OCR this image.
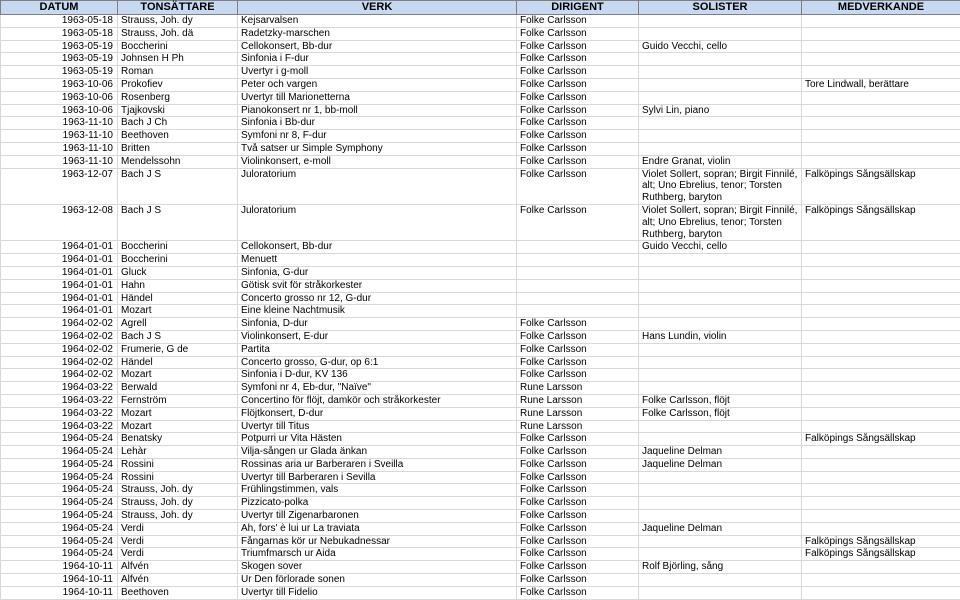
DATUM	TONSÄTTARE	VERK	DIRIGENT	SOLISTER	MEDVERKANDE
1963-05-18	Strauss, Joh. dy	Kejsarvalsen	Folke Carlsson		
1963-05-18	Strauss, Joh. dä	Radetzky-marschen	Folke Carlsson		
1963-05-19	Boccherini	Cellokonsert, Bb-dur	Folke Carlsson	Guido Vecchi, cello	
1963-05-19	Johnsen H Ph	Sinfonia i F-dur	Folke Carlsson		
1963-05-19	Roman	Uvertyr i g-moll	Folke Carlsson		
1963-10-06	Prokofiev	Peter och vargen	Folke Carlsson		Tore Lindwall, berättare
1963-10-06	Rosenberg	Uvertyr till Marionetterna	Folke Carlsson		
1963-10-06	Tjajkovski	Pianokonsert nr 1, bb-moll	Folke Carlsson	Sylvi Lin, piano	
1963-11-10	Bach J Ch	Sinfonia i Bb-dur	Folke Carlsson		
1963-11-10	Beethoven	Symfoni nr 8, F-dur	Folke Carlsson		
1963-11-10	Britten	Två satser ur Simple Symphony	Folke Carlsson		
1963-11-10	Mendelssohn	Violinkonsert, e-moll	Folke Carlsson	Endre Granat, violin	
1963-12-07	Bach J S	Juloratorium	Folke Carlsson	Violet Sollert, sopran; Birgit Finnilé, alt; Uno Ebrelius, tenor; Torsten Ruthberg, baryton	Falköpings Sångsällskap
1963-12-08	Bach J S	Juloratorium	Folke Carlsson	Violet Sollert, sopran; Birgit Finnilé, alt; Uno Ebrelius, tenor; Torsten Ruthberg, baryton	Falköpings Sångsällskap
1964-01-01	Boccherini	Cellokonsert, Bb-dur		Guido Vecchi, cello	
1964-01-01	Boccherini	Menuett			
1964-01-01	Gluck	Sinfonia, G-dur			
1964-01-01	Hahn	Götisk svit för stråkorkester			
1964-01-01	Händel	Concerto grosso nr 12, G-dur			
1964-01-01	Mozart	Eine kleine Nachtmusik			
1964-02-02	Agrell	Sinfonia, D-dur	Folke Carlsson		
1964-02-02	Bach J S	Violinkonsert, E-dur	Folke Carlsson	Hans Lundin, violin	
1964-02-02	Frumerie, G de	Partita	Folke Carlsson		
1964-02-02	Händel	Concerto grosso, G-dur, op 6:1	Folke Carlsson		
1964-02-02	Mozart	Sinfonia i D-dur, KV 136	Folke Carlsson		
1964-03-22	Berwald	Symfoni nr 4, Eb-dur, "Naïve"	Rune Larsson		
1964-03-22	Fernström	Concertino för flöjt, damkör och stråkorkester	Rune Larsson	Folke Carlsson, flöjt	
1964-03-22	Mozart	Flöjtkonsert, D-dur	Rune Larsson	Folke Carlsson, flöjt	
1964-03-22	Mozart	Uvertyr till Titus	Rune Larsson		
1964-05-24	Benatsky	Potpurri ur Vita Hästen	Folke Carlsson		Falköpings Sångsällskap
1964-05-24	Lehàr	Vilja-sången ur Glada änkan	Folke Carlsson	Jaqueline Delman	
1964-05-24	Rossini	Rossinas aria ur Barberaren i Sveilla	Folke Carlsson	Jaqueline Delman	
1964-05-24	Rossini	Uvertyr till Barberaren i Sevilla	Folke Carlsson		
1964-05-24	Strauss, Joh. dy	Frühlingstimmen, vals	Folke Carlsson		
1964-05-24	Strauss, Joh. dy	Pizzicato-polka	Folke Carlsson		
1964-05-24	Strauss, Joh. dy	Uvertyr till Zigenarbaronen	Folke Carlsson		
1964-05-24	Verdi	Ah, fors' è lui ur La traviata	Folke Carlsson	Jaqueline Delman	
1964-05-24	Verdi	Fångarnas kör ur Nebukadnessar	Folke Carlsson		Falköpings Sångsällskap
1964-05-24	Verdi	Triumfmarsch ur Aida	Folke Carlsson		Falköpings Sångsällskap
1964-10-11	Alfvén	Skogen sover	Folke Carlsson	Rolf Björling, sång	
1964-10-11	Alfvén	Ur Den förlorade sonen	Folke Carlsson		
1964-10-11	Beethoven	Uvertyr till Fidelio	Folke Carlsson		
